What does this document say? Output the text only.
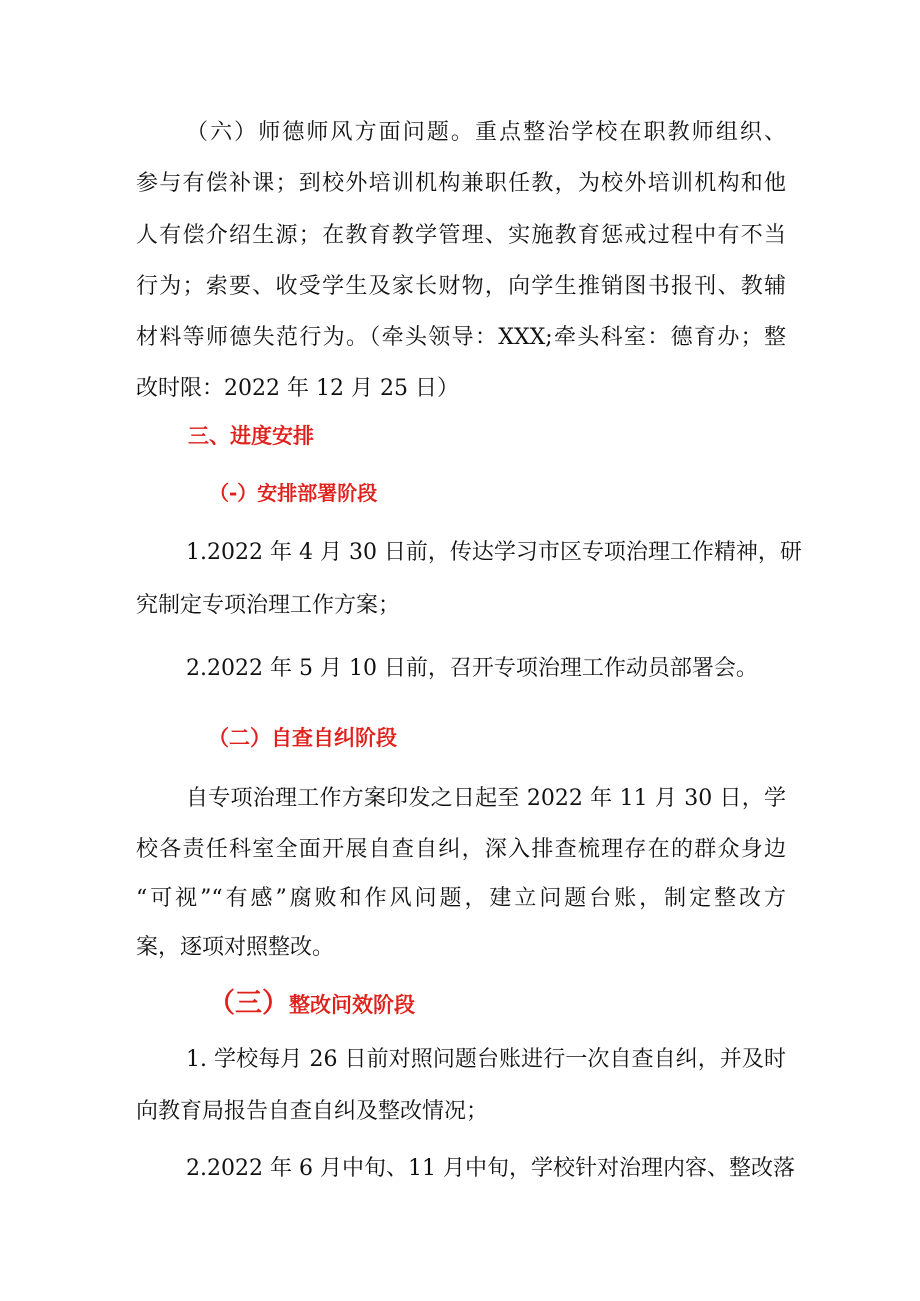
（六）师德师风方面问题。重点整治学校在职教师组织、
参与有偿补课；到校外培训机构兼职任教，为校外培训机构和他
人有偿介绍生源；在教育教学管理、实施教育惩戒过程中有不当
行为；索要、收受学生及家长财物，向学生推销图书报刊、教辅
材料等师德失范行为。（牵头领导：XXX;牵头科室：德育办；整
改时限：2022 年 12 月 25 日）
三、进度安排
（-）安排部署阶段
1.2022 年 4 月 30 日前，传达学习市区专项治理工作精神，研
究制定专项治理工作方案；
2.2022 年 5 月 10 日前，召开专项治理工作动员部署会。
（二）自查自纠阶段
自专项治理工作方案印发之日起至 2022 年 11 月 30 日，学
校各责任科室全面开展自查自纠，深入排查梳理存在的群众身边
“可视”“有感”腐败和作风问题，建立问题台账，制定整改方
案，逐项对照整改。
（三）整改问效阶段
1. 学校每月 26 日前对照问题台账进行一次自查自纠，并及时
向教育局报告自查自纠及整改情况；
2.2022 年 6 月中旬、11 月中旬，学校针对治理内容、整改落
